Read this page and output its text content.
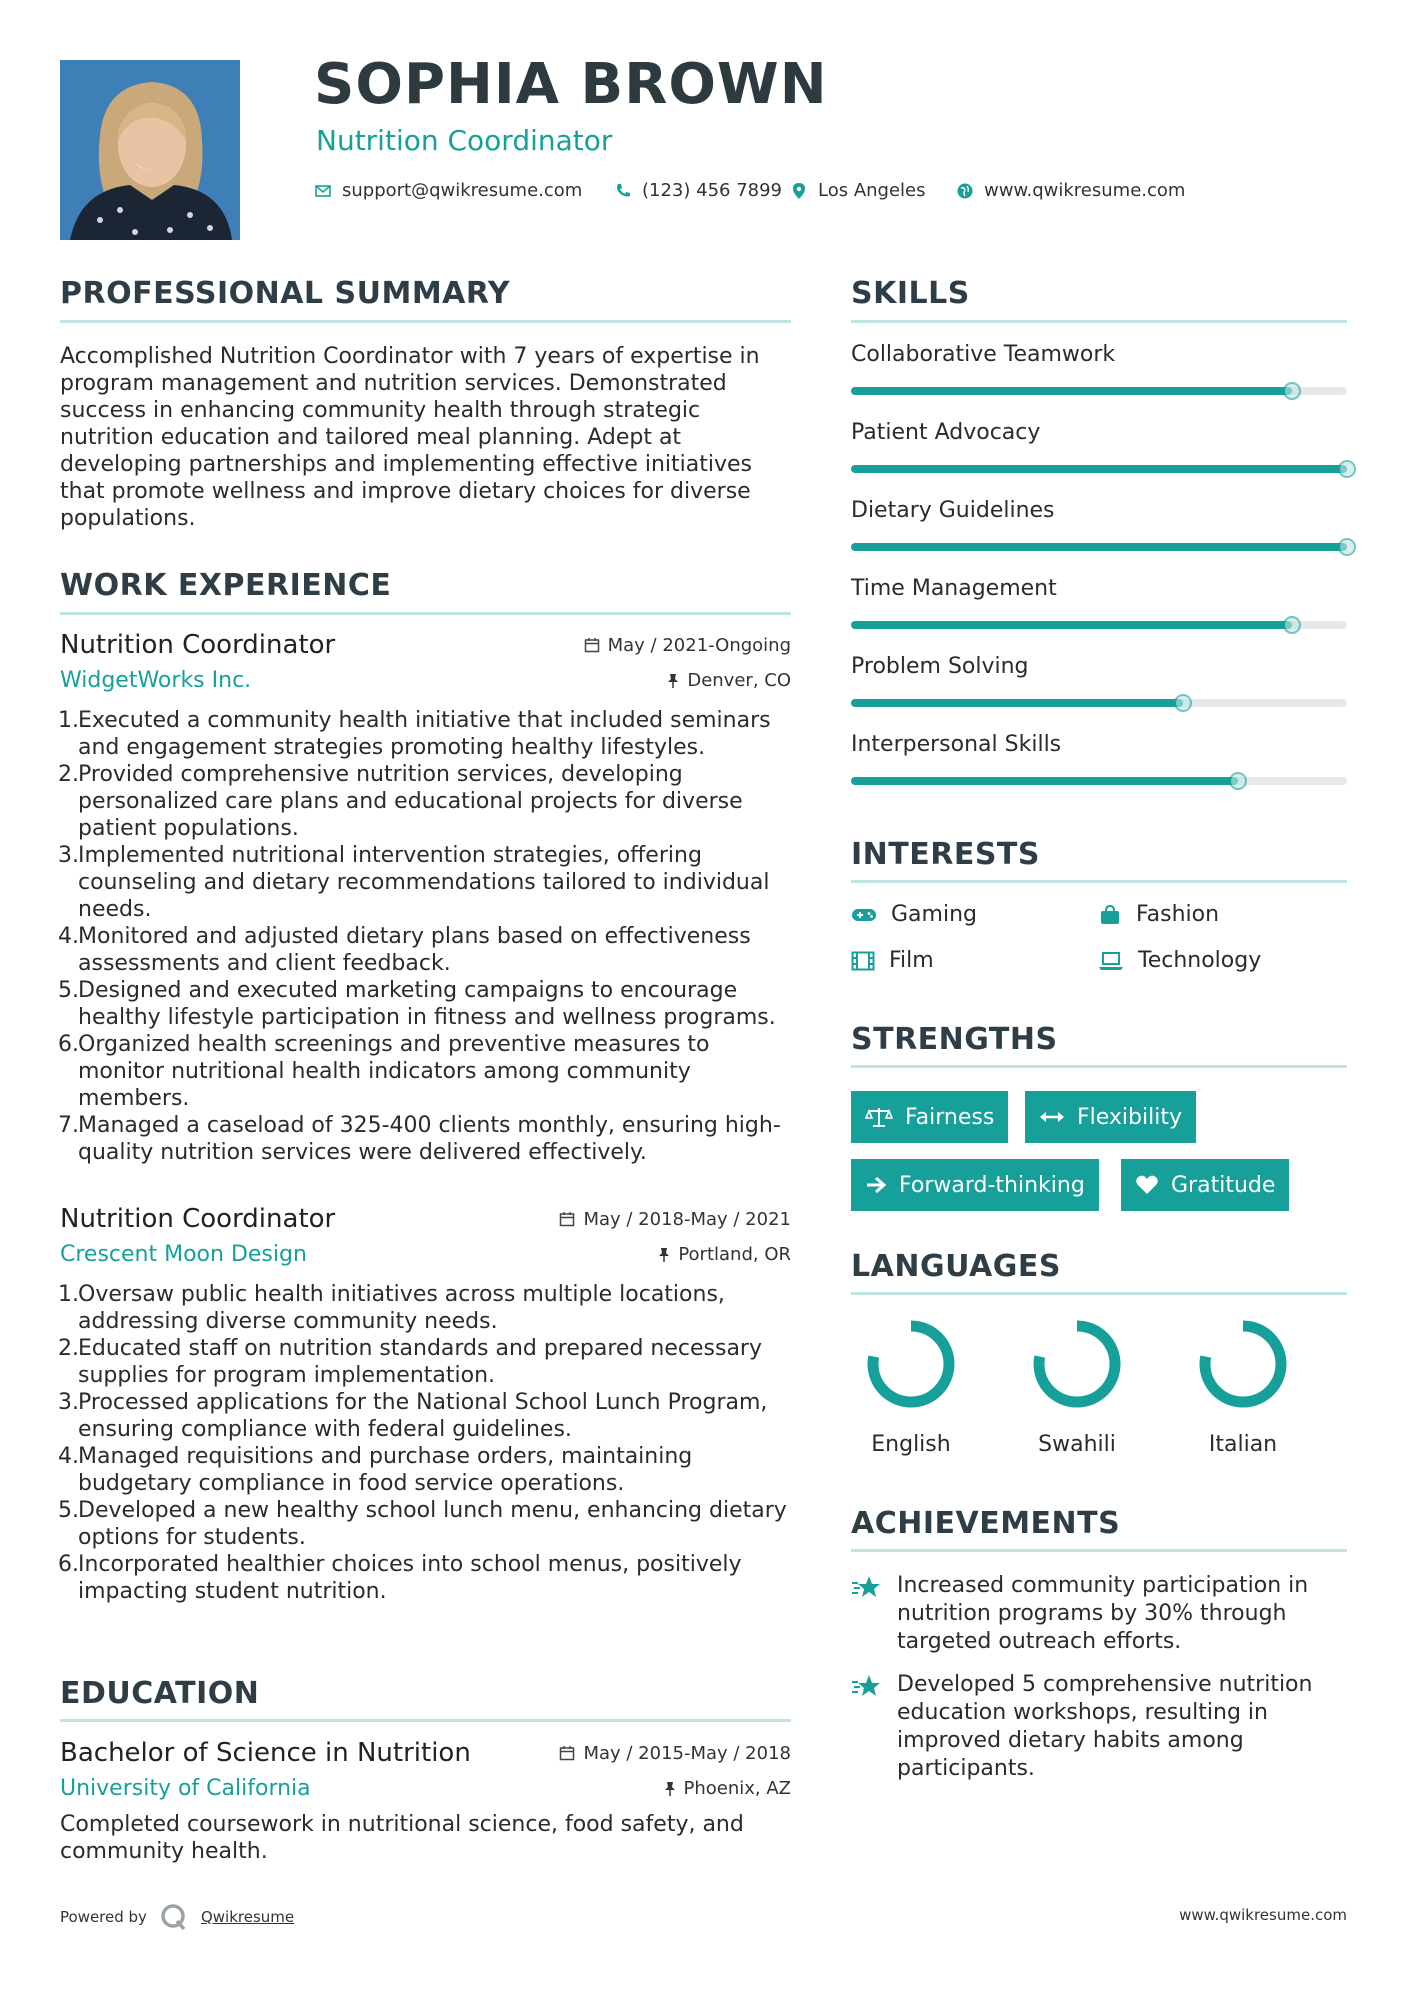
SOPHIA BROWN
Nutrition Coordinator
support@qwikresume.com	(123) 456 7899 Los Angeles	www.qwikresume.com
PROFESSIONAL SUMMARY
Accomplished Nutrition Coordinator with 7 years of expertise in program management and nutrition services. Demonstrated success in enhancing community health through strategic nutrition education and tailored meal planning. Adept at developing partnerships and implementing effective initiatives that promote wellness and improve dietary choices for diverse populations.
WORK EXPERIENCE
Nutrition Coordinator	May / 2021-Ongoing
WidgetWorks Inc.	Denver, CO
Executed a community health initiative that included seminars and engagement strategies promoting healthy lifestyles.
Provided comprehensive nutrition services, developing personalized care plans and educational projects for diverse patient populations.
Implemented nutritional intervention strategies, offering counseling and dietary recommendations tailored to individual needs.
Monitored and adjusted dietary plans based on effectiveness assessments and client feedback.
Designed and executed marketing campaigns to encourage healthy lifestyle participation in fitness and wellness programs.
Organized health screenings and preventive measures to monitor nutritional health indicators among community members.
Managed a caseload of 325-400 clients monthly, ensuring high-quality nutrition services were delivered effectively.
Nutrition Coordinator	May / 2018-May / 2021
Crescent Moon Design	Portland, OR
Oversaw public health initiatives across multiple locations, addressing diverse community needs.
Educated staff on nutrition standards and prepared necessary supplies for program implementation.
Processed applications for the National School Lunch Program, ensuring compliance with federal guidelines.
Managed requisitions and purchase orders, maintaining budgetary compliance in food service operations.
Developed a new healthy school lunch menu, enhancing dietary options for students.
Incorporated healthier choices into school menus, positively impacting student nutrition.
EDUCATION
Bachelor of Science in Nutrition	May / 2015-May / 2018
University of California	Phoenix, AZ
Completed coursework in nutritional science, food safety, and community health.
SKILLS
Collaborative Teamwork
Patient Advocacy
Dietary Guidelines
Time Management
Problem Solving
Interpersonal Skills
INTERESTS
Gaming	Fashion
Film	Technology
STRENGTHS
Fairness	Flexibility
Forward-thinking	Gratitude
LANGUAGES
English	Swahili	Italian
ACHIEVEMENTS
Increased community participation in nutrition programs by 30% through targeted outreach efforts.
Developed 5 comprehensive nutrition education workshops, resulting in improved dietary habits among participants.
Powered by	Qwikresume	www.qwikresume.com
